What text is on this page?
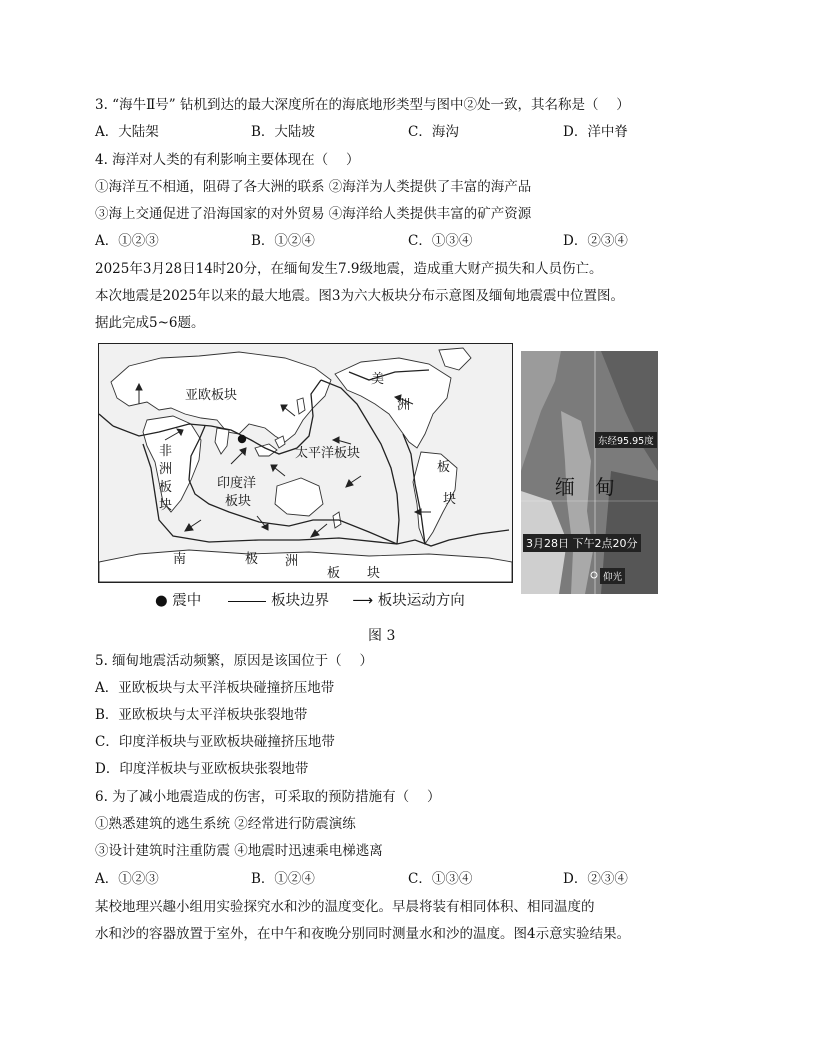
3. “海牛Ⅱ号” 钻机到达的最大深度所在的海底地形类型与图中②处一致，其名称是（　 ）
A．大陆架	B．大陆坡	C．海沟	D．洋中脊
4. 海洋对人类的有利影响主要体现在（　 ）
①海洋互不相通，阻碍了各大洲的联系 ②海洋为人类提供了丰富的海产品
③海上交通促进了沿海国家的对外贸易 ④海洋给人类提供丰富的矿产资源
A．①②③	B．①②④	C．①③④	D．②③④
2025年3月28日14时20分，在缅甸发生7.9级地震，造成重大财产损失和人员伤亡。
本次地震是2025年以来的最大地震。图3为六大板块分布示意图及缅甸地震震中位置图。
据此完成5~6题。
亚欧板块
美
洲
非
洲
板
块
太平洋板块
印度洋
板块
板
块
南	极 洲
板 块
东经95.95度
缅　甸
3月28日 下午2点20分
仰光
● 震中	板块边界 ⟶ 板块运动方向
图 3
5. 缅甸地震活动频繁，原因是该国位于（　 ）
A．亚欧板块与太平洋板块碰撞挤压地带
B．亚欧板块与太平洋板块张裂地带
C．印度洋板块与亚欧板块碰撞挤压地带
D．印度洋板块与亚欧板块张裂地带
6. 为了减小地震造成的伤害，可采取的预防措施有（　 ）
①熟悉建筑的逃生系统 ②经常进行防震演练
③设计建筑时注重防震 ④地震时迅速乘电梯逃离
A．①②③	B．①②④	C．①③④	D．②③④
某校地理兴趣小组用实验探究水和沙的温度变化。早晨将装有相同体积、相同温度的
水和沙的容器放置于室外，在中午和夜晚分别同时测量水和沙的温度。图4示意实验结果。
